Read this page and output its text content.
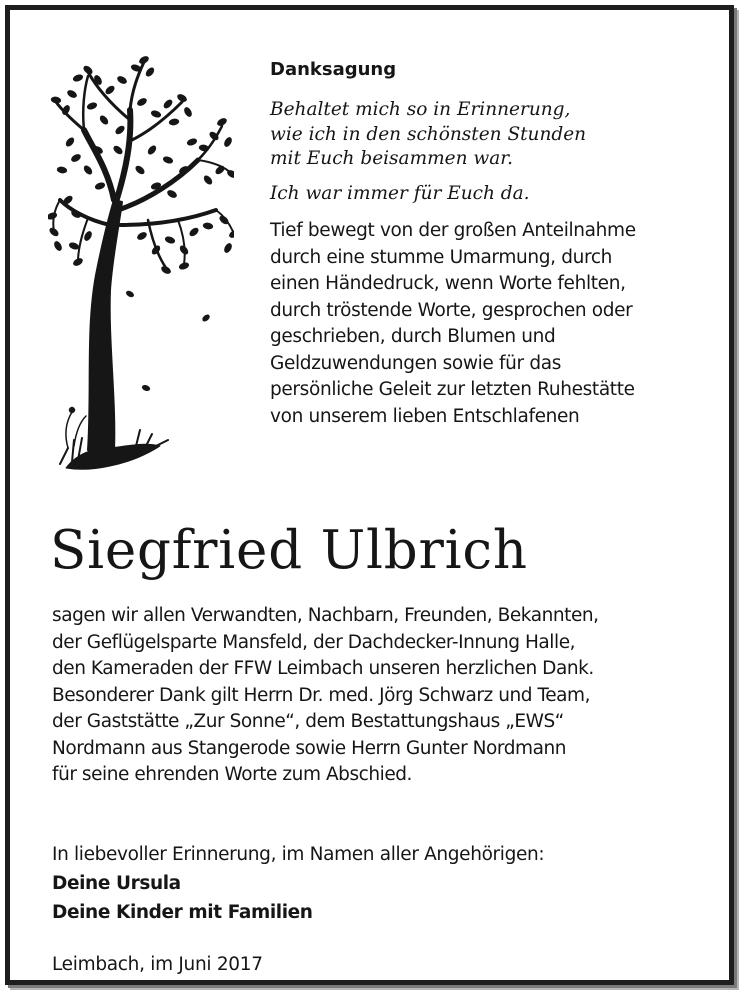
Danksagung

Behaltet mich so in Erinnerung,

wie ich in den schönsten Stunden

mit Euch beisammen war.

Ich war immer für Euch da.

Tief bewegt von der großen Anteilnahme

durch eine stumme Umarmung, durch

einen Händedruck, wenn Worte fehlten,

durch tröstende Worte, gesprochen oder

geschrieben, durch Blumen und

Geldzuwendungen sowie für das

persönliche Geleit zur letzten Ruhestätte

von unserem lieben Entschlafenen

Siegfried Ulbrich

sagen wir allen Verwandten, Nachbarn, Freunden, Bekannten,

der Geflügelsparte Mansfeld, der Dachdecker-Innung Halle,

den Kameraden der FFW Leimbach unseren herzlichen Dank.

Besonderer Dank gilt Herrn Dr. med. Jörg Schwarz und Team,

der Gaststätte „Zur Sonne“, dem Bestattungshaus „EWS“

Nordmann aus Stangerode sowie Herrn Gunter Nordmann

für seine ehrenden Worte zum Abschied.

In liebevoller Erinnerung, im Namen aller Angehörigen:

Deine Ursula

Deine Kinder mit Familien

Leimbach, im Juni 2017
